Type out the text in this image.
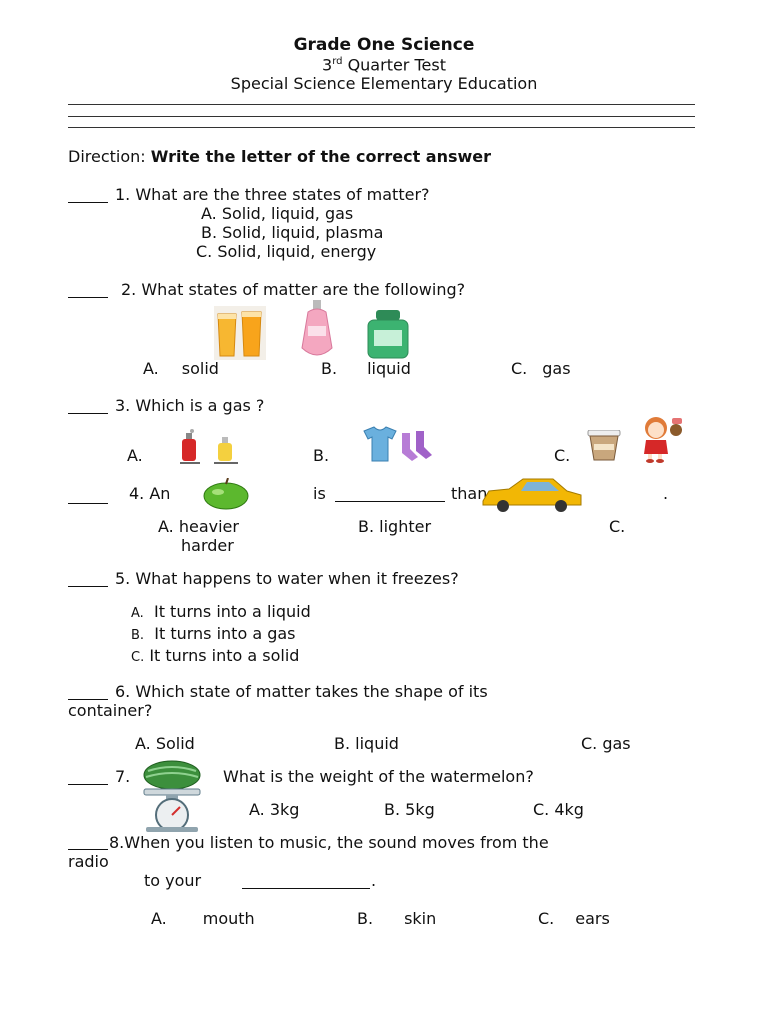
Grade One Science
3rd Quarter Test
Special Science Elementary Education
Direction: Write the letter of the correct answer
1. What are the three states of matter?
A. Solid, liquid, gas
B. Solid, liquid, plasma
C. Solid, liquid, energy
2. What states of matter are the following?
A. solid	B. liquid	C. gas
3. Which is a gas ?
A.	B.	C.
4. An	is	than	.
A. heavier	B. lighter	C.
harder
5. What happens to water when it freezes?
A. It turns into a liquid
B. It turns into a gas
C. It turns into a solid
6. Which state of matter takes the shape of its
container?
A. Solid	B. liquid	C. gas
7.	What is the weight of the watermelon?
A. 3kg	B. 5kg	C. 4kg
8.When you listen to music, the sound moves from the
radio
to your	.
A. mouth	B. skin	C. ears
